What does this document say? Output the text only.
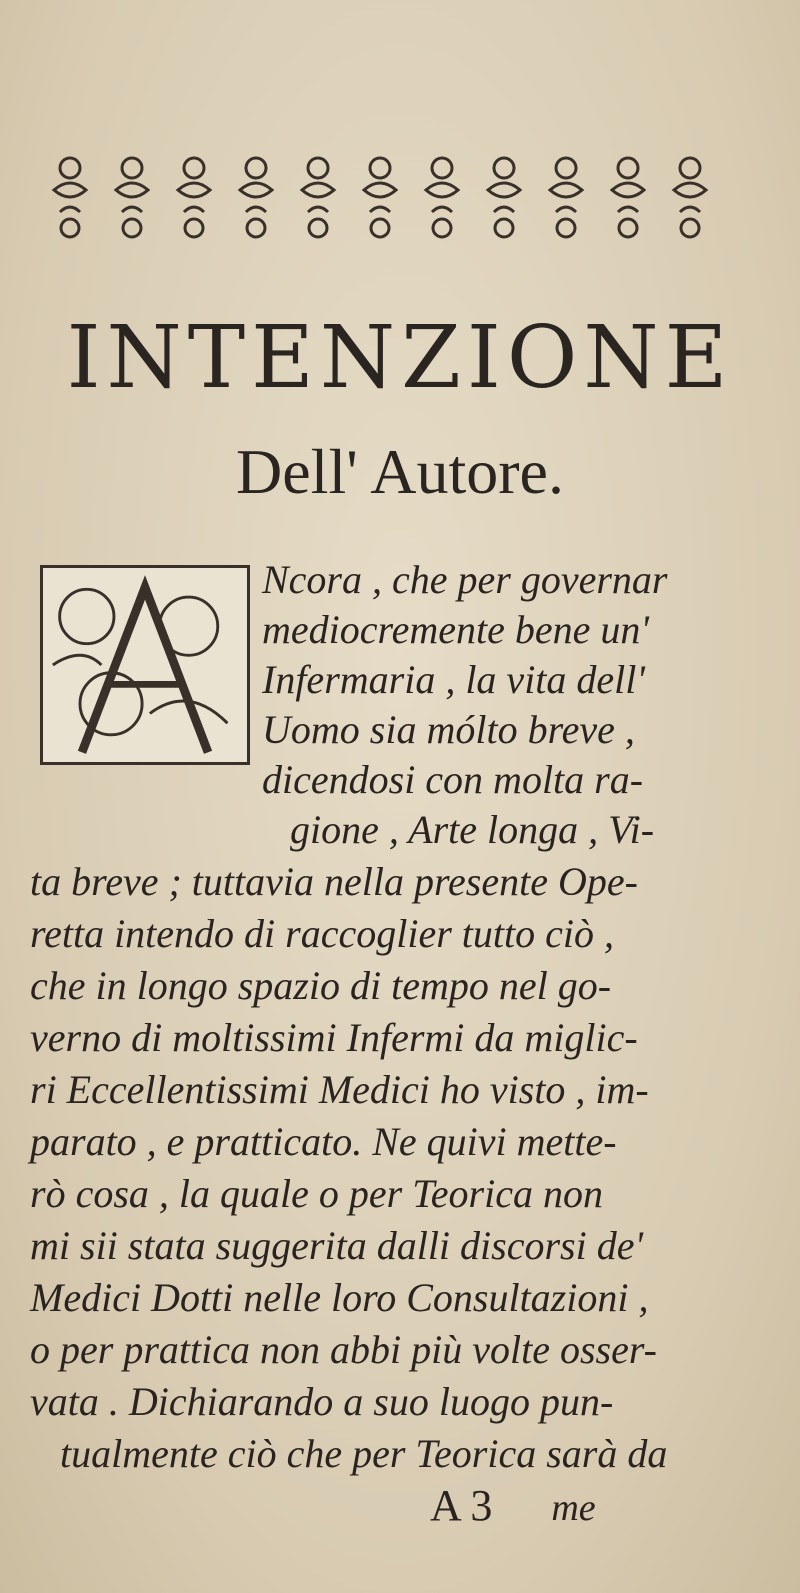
INTENZIONE
Dell' Autore.
Ncora , che per governar
mediocremente bene un'
Infermaria , la vita dell'
Uomo sia mólto breve ,
dicendosi con molta ra-
gione , Arte longa , Vi-
ta breve ; tuttavia nella presente Ope-
retta intendo di raccoglier tutto ciò ,
che in longo spazio di tempo nel go-
verno di moltissimi Infermi da miglic-
ri Eccellentissimi Medici ho visto , im-
parato , e pratticato. Ne quivi mette-
rò cosa , la quale o per Teorica non
mi sii stata suggerita dalli discorsi de'
Medici Dotti nelle loro Consultazioni ,
o per prattica non abbi più volte osser-
vata . Dichiarando a suo luogo pun-
tualmente ciò che per Teorica sarà da
A 3 me
